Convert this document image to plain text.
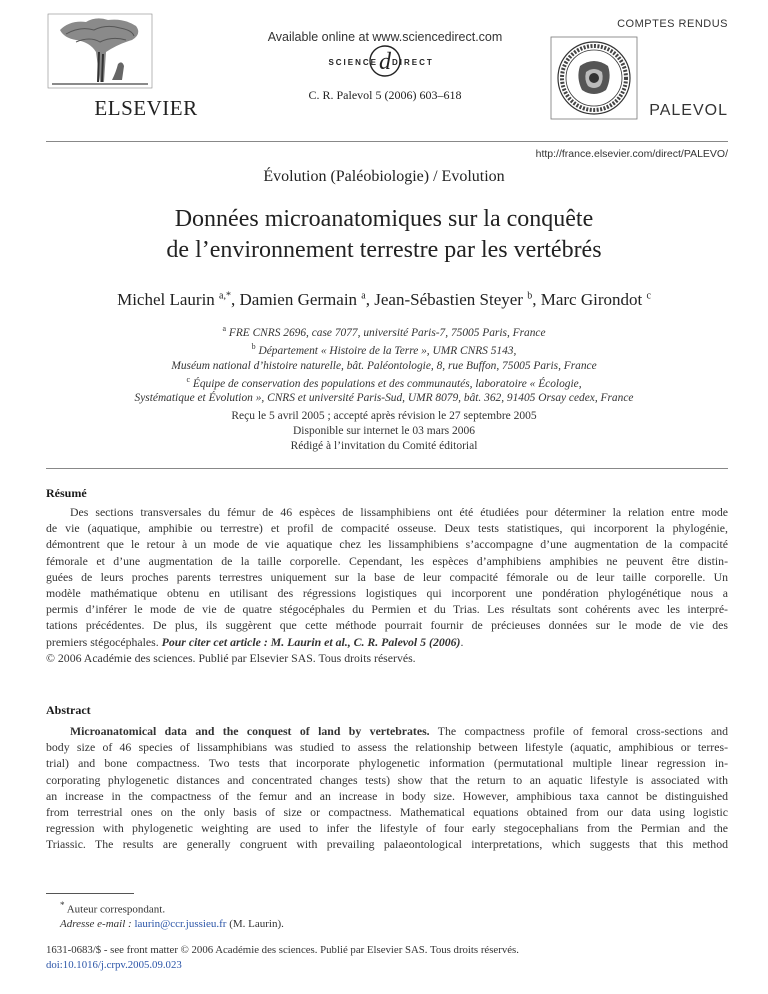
ELSEVIER
Available online at www.sciencedirect.com
SCIENCE d DIRECT
C. R. Palevol 5 (2006) 603–618
COMPTES RENDUS
PALEVOL
http://france.elsevier.com/direct/PALEVO/
Évolution (Paléobiologie) / Evolution
Données microanatomiques sur la conquête
de l’environnement terrestre par les vertébrés
Michel Laurin $^{a,*}$, Damien Germain $^a$, Jean-Sébastien Steyer $^b$, Marc Girondot $^c$
$^a$ FRE CNRS 2696, case 7077, université Paris-7, 75005 Paris, France
$^b$ Département « Histoire de la Terre », UMR CNRS 5143,
Muséum national d’histoire naturelle, bât. Paléontologie, 8, rue Buffon, 75005 Paris, France
$^c$ Équipe de conservation des populations et des communautés, laboratoire « Écologie,
Systématique et Évolution », CNRS et université Paris-Sud, UMR 8079, bât. 362, 91405 Orsay cedex, France
Reçu le 5 avril 2005 ; accepté après révision le 27 septembre 2005
Disponible sur internet le 03 mars 2006
Rédigé à l’invitation du Comité éditorial
Résumé
Des sections transversales du fémur de 46 espèces de lissamphibiens ont été étudiées pour déterminer la relation entre mode
de vie (aquatique, amphibie ou terrestre) et profil de compacité osseuse. Deux tests statistiques, qui incorporent la phylogénie,
démontrent que le retour à un mode de vie aquatique chez les lissamphibiens s’accompagne d’une augmentation de la compacité
fémorale et d’une augmentation de la taille corporelle. Cependant, les espèces d’amphibiens amphibies ne peuvent être distin-
guées de leurs proches parents terrestres uniquement sur la base de leur compacité fémorale ou de leur taille corporelle. Un
modèle mathématique obtenu en utilisant des régressions logistiques qui incorporent une pondération phylogénétique nous a
permis d’inférer le mode de vie de quatre stégocéphales du Permien et du Trias. Les résultats sont cohérents avec les interpré-
tations précédentes. De plus, ils suggèrent que cette méthode pourrait fournir de précieuses données sur le mode de vie des
premiers stégocéphales. Pour citer cet article : M. Laurin et al., C. R. Palevol 5 (2006).
© 2006 Académie des sciences. Publié par Elsevier SAS. Tous droits réservés.
Abstract
Microanatomical data and the conquest of land by vertebrates. The compactness profile of femoral cross-sections and
body size of 46 species of lissamphibians was studied to assess the relationship between lifestyle (aquatic, amphibious or terres-
trial) and bone compactness. Two tests that incorporate phylogenetic information (permutational multiple linear regression in-
corporating phylogenetic distances and concentrated changes tests) show that the return to an aquatic lifestyle is associated with
an increase in the compactness of the femur and an increase in body size. However, amphibious taxa cannot be distinguished
from terrestrial ones on the only basis of size or compactness. Mathematical equations obtained from our data using logistic
regression with phylogenetic weighting are used to infer the lifestyle of four early stegocephalians from the Permian and the
Triassic. The results are generally congruent with prevailing palaeontological interpretations, which suggests that this method
* Auteur correspondant.
Adresse e-mail : laurin@ccr.jussieu.fr (M. Laurin).
1631-0683/$ - see front matter © 2006 Académie des sciences. Publié par Elsevier SAS. Tous droits réservés.
doi:10.1016/j.crpv.2005.09.023
